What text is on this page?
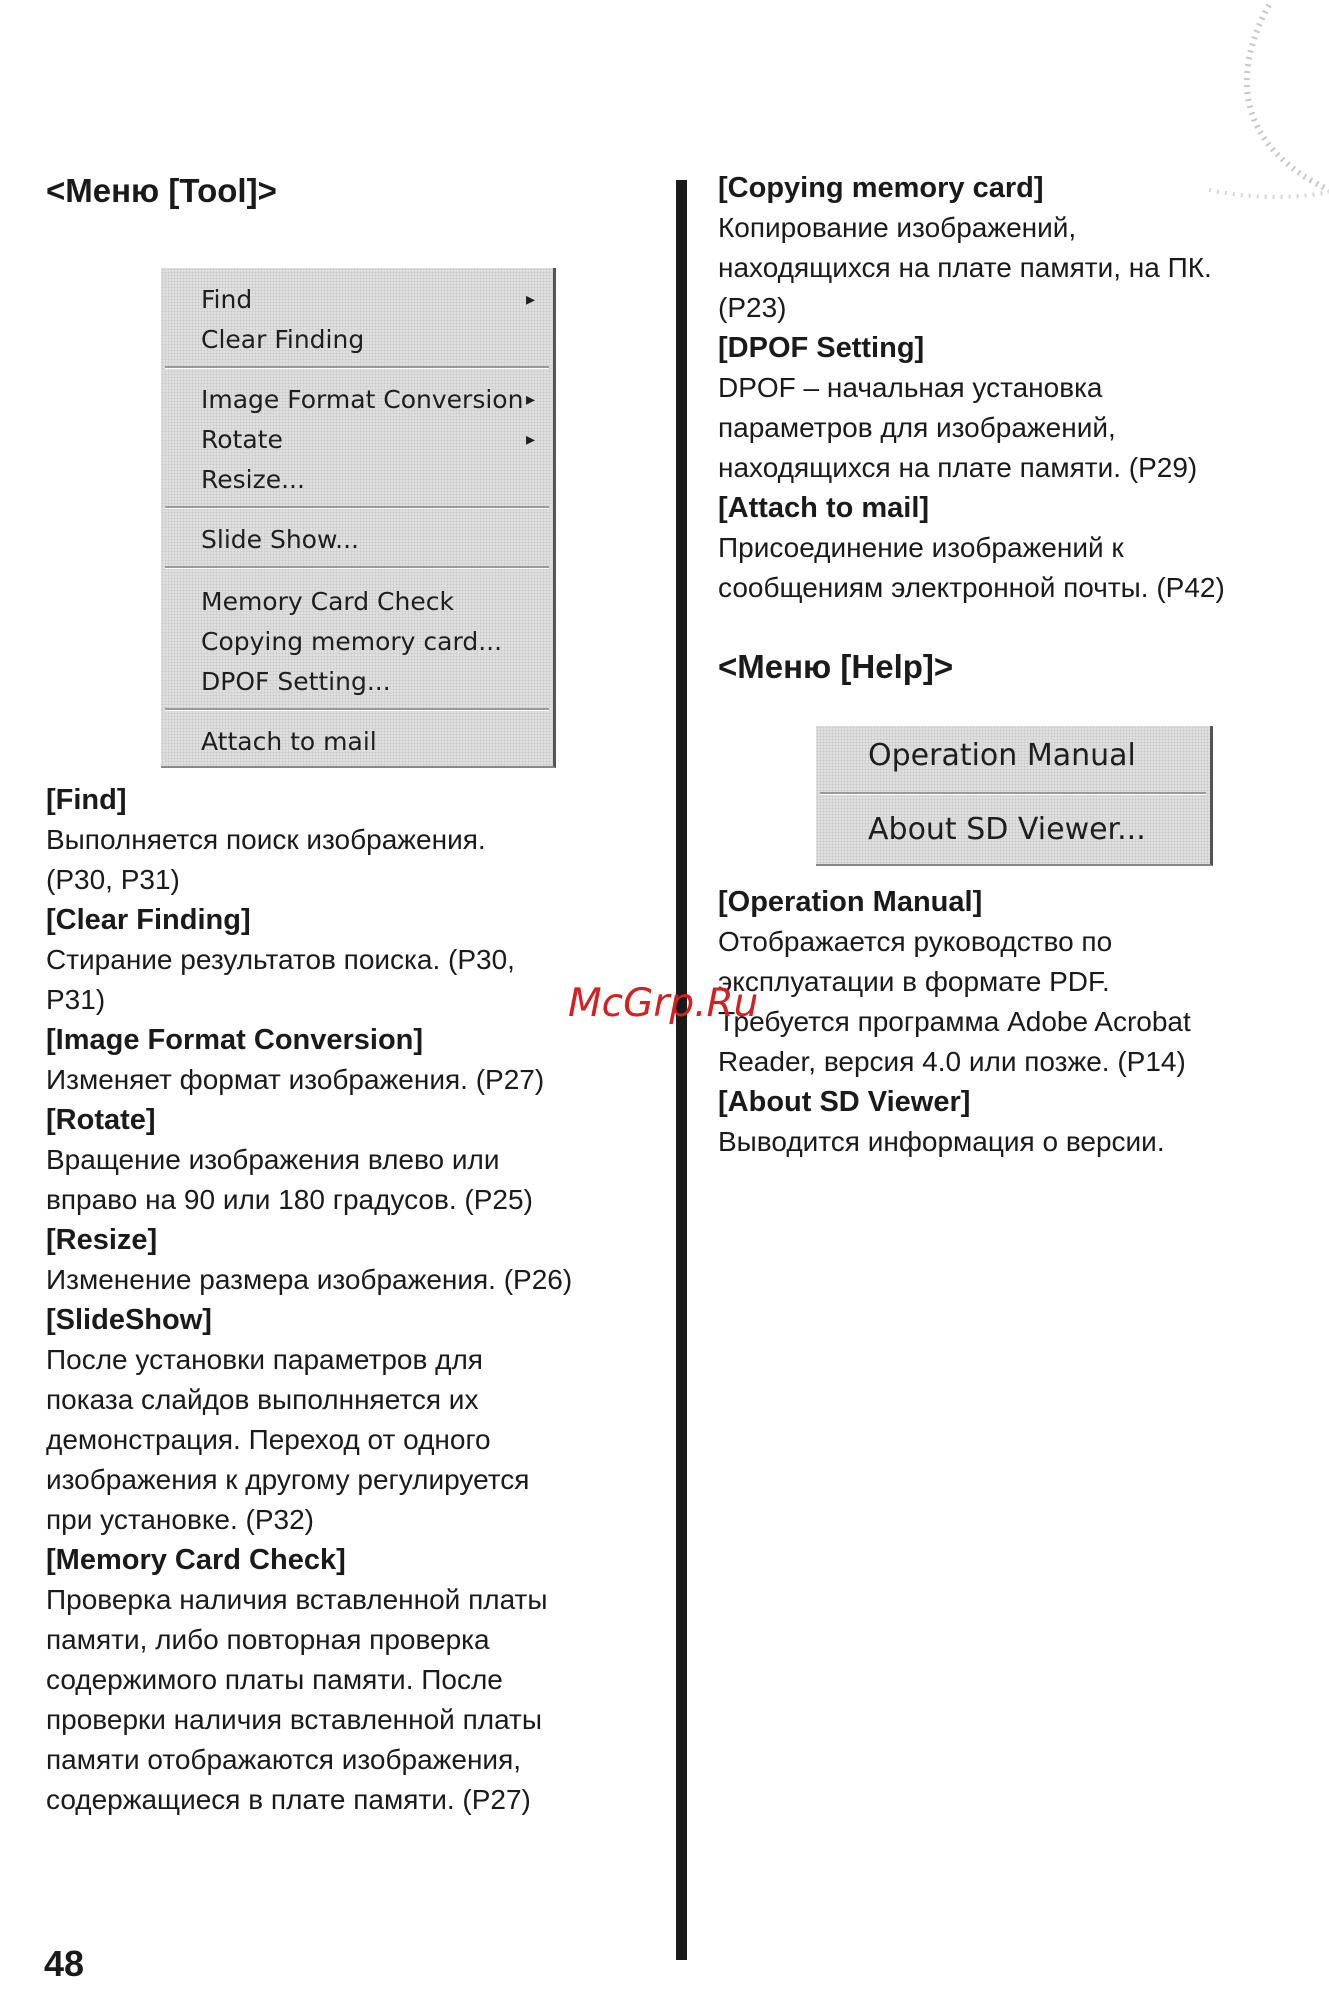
<Меню [Tool]>
Find	▸
Clear Finding
Image Format Conversion ▸
Rotate	▸
Resize...
Slide Show...
Memory Card Check
Copying memory card...
DPOF Setting...
Attach to mail

[Find]

Выполняется поиск изображения.

(P30, P31)

[Clear Finding]

Стирание результатов поиска. (P30,

P31)

[Image Format Conversion]

Изменяет формат изображения. (P27)

[Rotate]

Вращение изображения влево или

вправо на 90 или 180 градусов. (P25)

[Resize]

Изменение размера изображения. (P26)

[SlideShow]

После установки параметров для

показа слайдов выполнняется их

демонстрация. Переход от одного

изображения к другому регулируется

при установке. (P32)

[Memory Card Check]

Проверка наличия вставленной платы

памяти, либо повторная проверка

содержимого платы памяти. После

проверки наличия вставленной платы

памяти отображаются изображения,

содержащиеся в плате памяти. (P27)

[Copying memory card]

Копирование изображений,

находящихся на плате памяти, на ПК.

(P23)

[DPOF Setting]

DPOF – начальная установка

параметров для изображений,

находящихся на плате памяти. (P29)

[Attach to mail]

Присоединение изображений к

сообщениям электронной почты. (P42)

<Меню [Help]>
Operation Manual
About SD Viewer...

[Operation Manual]

Отображается руководство по

эксплуатации в формате PDF.

Требуется программа Adobe Acrobat

Reader, версия 4.0 или позже. (P14)

[About SD Viewer]

Выводится информация о версии.

McGrp.Ru
48
